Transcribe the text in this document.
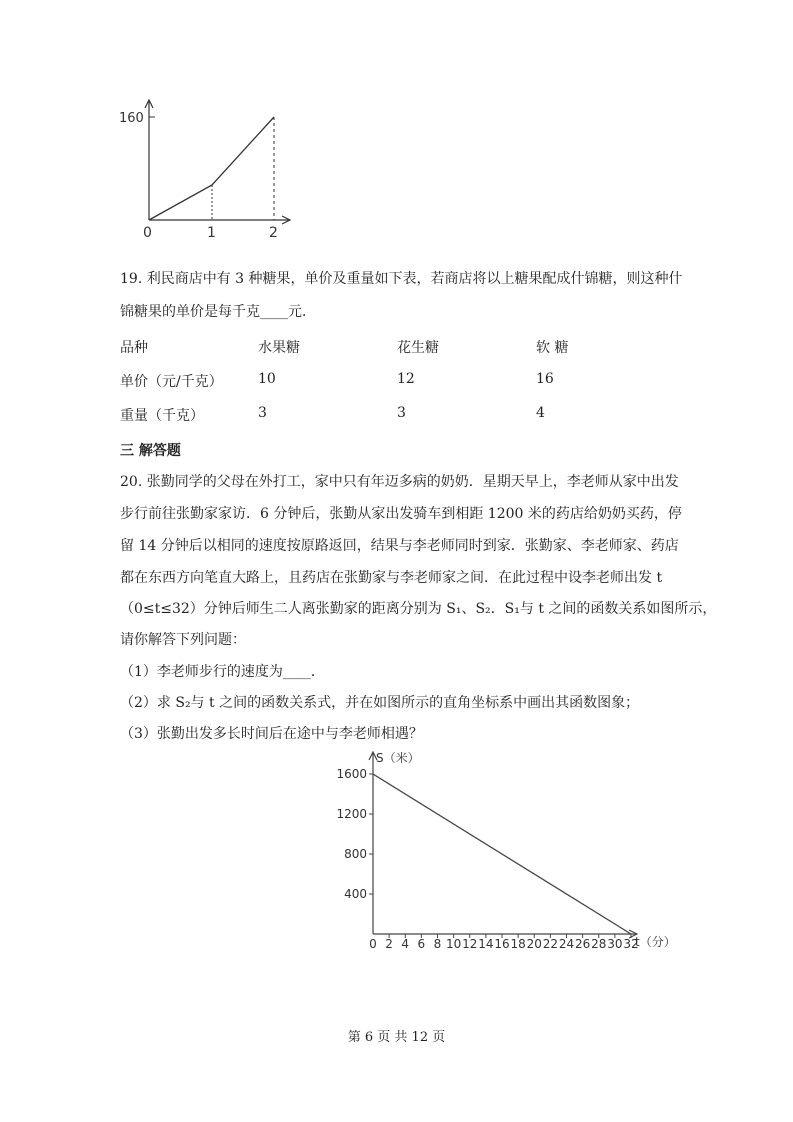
160
0	1	2
19. 利民商店中有 3 种糖果，单价及重量如下表，若商店将以上糖果配成什锦糖，则这种什
锦糖果的单价是每千克____元．
品种	水果糖	花生糖	软 糖
单价（元/千克）	10	12	16
重量（千克）	3	3	4
三 解答题
20. 张勤同学的父母在外打工，家中只有年迈多病的奶奶．星期天早上，李老师从家中出发
步行前往张勤家家访．6 分钟后，张勤从家出发骑车到相距 1200 米的药店给奶奶买药，停
留 14 分钟后以相同的速度按原路返回，结果与李老师同时到家．张勤家、李老师家、药店
都在东西方向笔直大路上，且药店在张勤家与李老师家之间．在此过程中设李老师出发 t
（0≤t≤32）分钟后师生二人离张勤家的距离分别为 S₁、S₂．S₁与 t 之间的函数关系如图所示，
请你解答下列问题：
（1）李老师步行的速度为____．
（2）求 S₂与 t 之间的函数关系式，并在如图所示的直角坐标系中画出其函数图象；
（3）张勤出发多长时间后在途中与李老师相遇？
400
800
1200
1600
0 2 4 6 8 10 12 14 16 18 20 22 24 26 28 30 32
S（米）
t（分）
第 6 页 共 12 页
